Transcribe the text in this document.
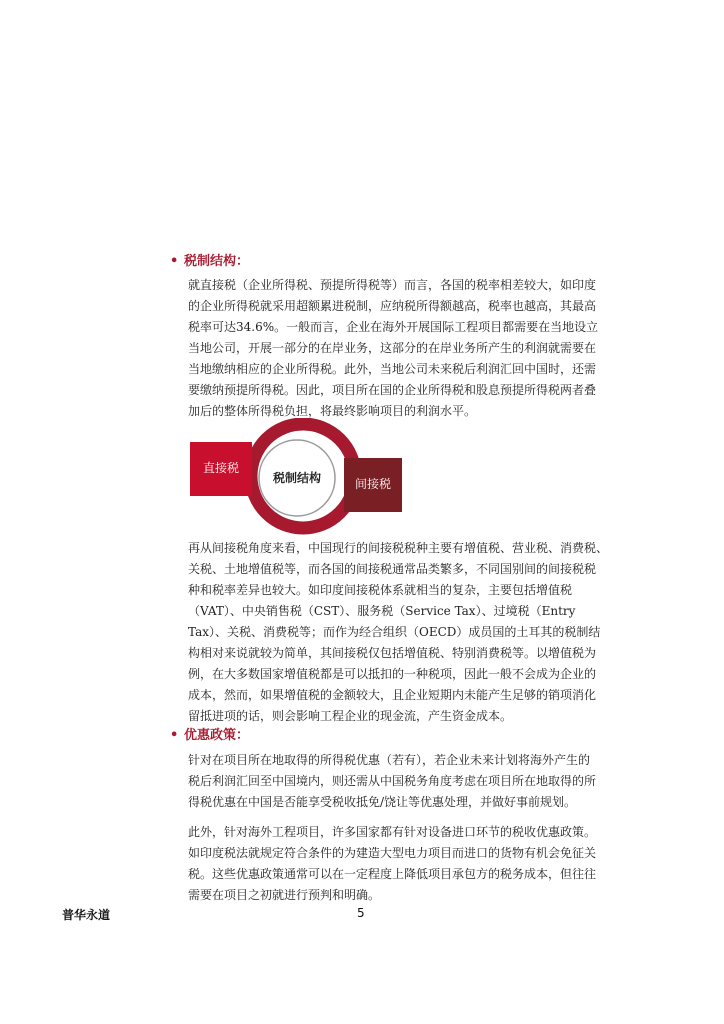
• 税制结构：
就直接税（企业所得税、预提所得税等）而言，各国的税率相差较大，如印度
的企业所得税就采用超额累进税制，应纳税所得额越高，税率也越高，其最高
税率可达34.6%。一般而言，企业在海外开展国际工程项目都需要在当地设立
当地公司，开展一部分的在岸业务，这部分的在岸业务所产生的利润就需要在
当地缴纳相应的企业所得税。此外，当地公司未来税后利润汇回中国时，还需
要缴纳预提所得税。因此，项目所在国的企业所得税和股息预提所得税两者叠
加后的整体所得税负担，将最终影响项目的利润水平。
直接税
税制结构	间接税
再从间接税角度来看，中国现行的间接税税种主要有增值税、营业税、消费税、
关税、土地增值税等，而各国的间接税通常品类繁多，不同国别间的间接税税
种和税率差异也较大。如印度间接税体系就相当的复杂，主要包括增值税
（VAT）、中央销售税（CST）、服务税（Service Tax）、过境税（Entry
Tax）、关税、消费税等；而作为经合组织（OECD）成员国的土耳其的税制结
构相对来说就较为简单，其间接税仅包括增值税、特别消费税等。以增值税为
例，在大多数国家增值税都是可以抵扣的一种税项，因此一般不会成为企业的
成本，然而，如果增值税的金额较大，且企业短期内未能产生足够的销项消化
留抵进项的话，则会影响工程企业的现金流，产生资金成本。
• 优惠政策：
针对在项目所在地取得的所得税优惠（若有），若企业未来计划将海外产生的
税后利润汇回至中国境内，则还需从中国税务角度考虑在项目所在地取得的所
得税优惠在中国是否能享受税收抵免/饶让等优惠处理，并做好事前规划。
此外，针对海外工程项目，许多国家都有针对设备进口环节的税收优惠政策。
如印度税法就规定符合条件的为建造大型电力项目而进口的货物有机会免征关
税。这些优惠政策通常可以在一定程度上降低项目承包方的税务成本，但往往
需要在项目之初就进行预判和明确。
普华永道	5
